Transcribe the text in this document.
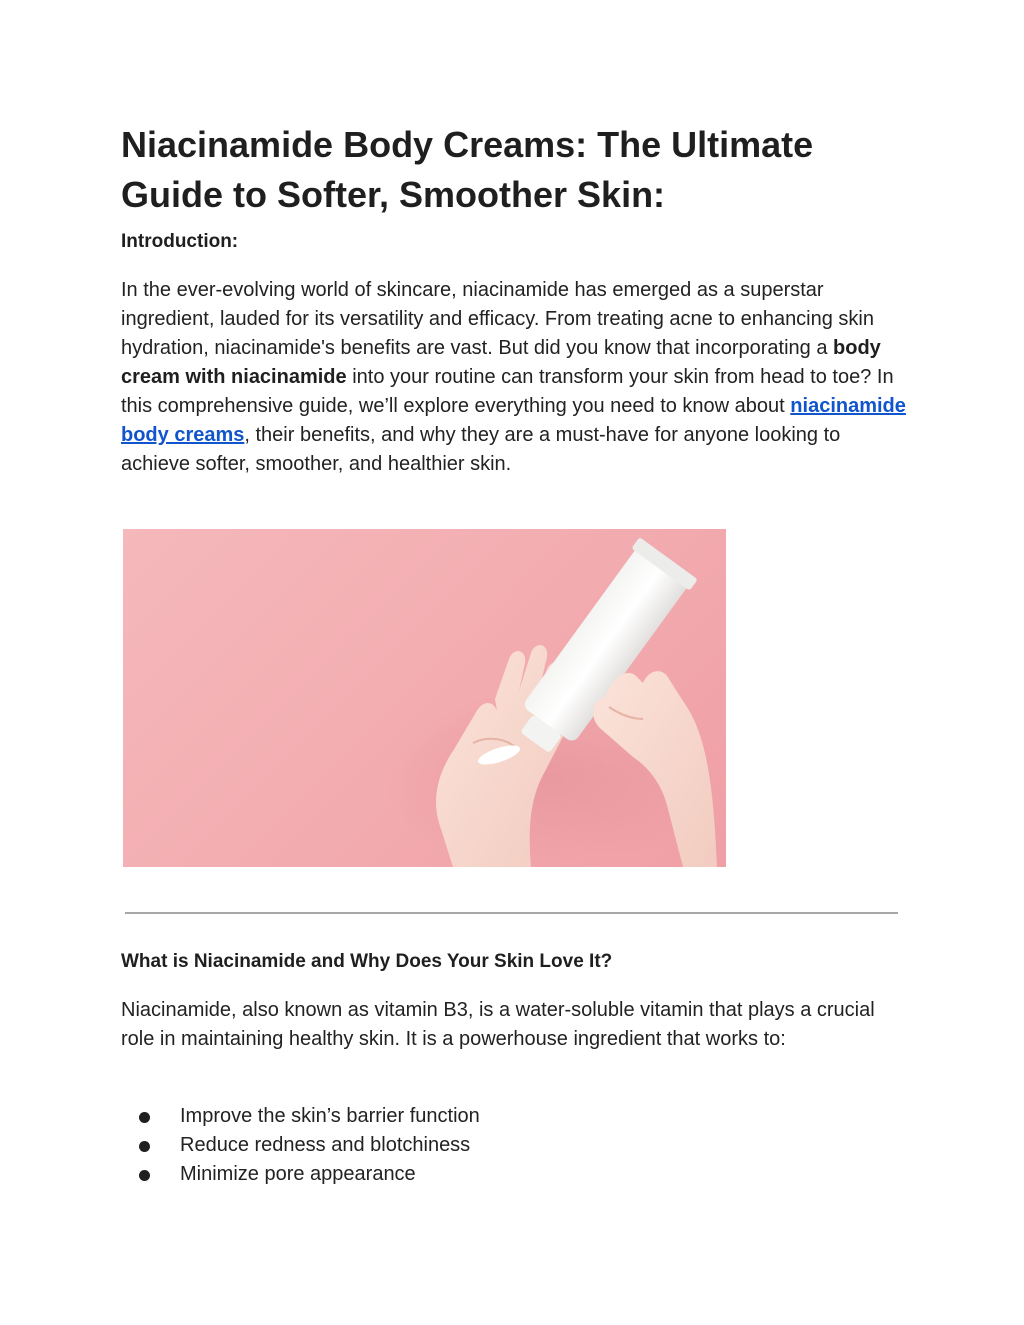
Niacinamide Body Creams: The Ultimate Guide to Softer, Smoother Skin:

Introduction:

In the ever-evolving world of skincare, niacinamide has emerged as a superstar ingredient, lauded for its versatility and efficacy. From treating acne to enhancing skin hydration, niacinamide's benefits are vast. But did you know that incorporating a body cream with niacinamide into your routine can transform your skin from head to toe? In this comprehensive guide, we’ll explore everything you need to know about niacinamide body creams, their benefits, and why they are a must-have for anyone looking to achieve softer, smoother, and healthier skin.

What is Niacinamide and Why Does Your Skin Love It?

Niacinamide, also known as vitamin B3, is a water-soluble vitamin that plays a crucial role in maintaining healthy skin. It is a powerhouse ingredient that works to:

Improve the skin’s barrier function
Reduce redness and blotchiness
Minimize pore appearance
